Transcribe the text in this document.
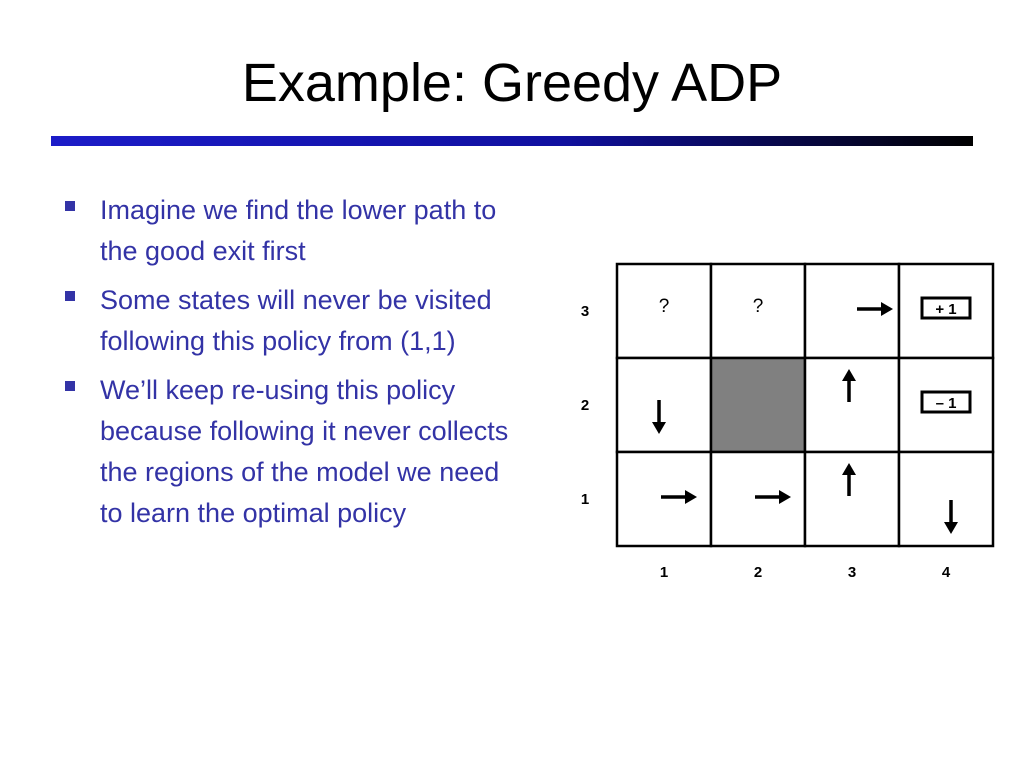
Example: Greedy ADP
Imagine we find the lower path to the good exit first
Some states will never be visited following this policy from (1,1)
We’ll keep re-using this policy because following it never collects the regions of the model we need to learn the optimal policy
?	?	+ 1
– 1
1	2	3	4
3
2
1
